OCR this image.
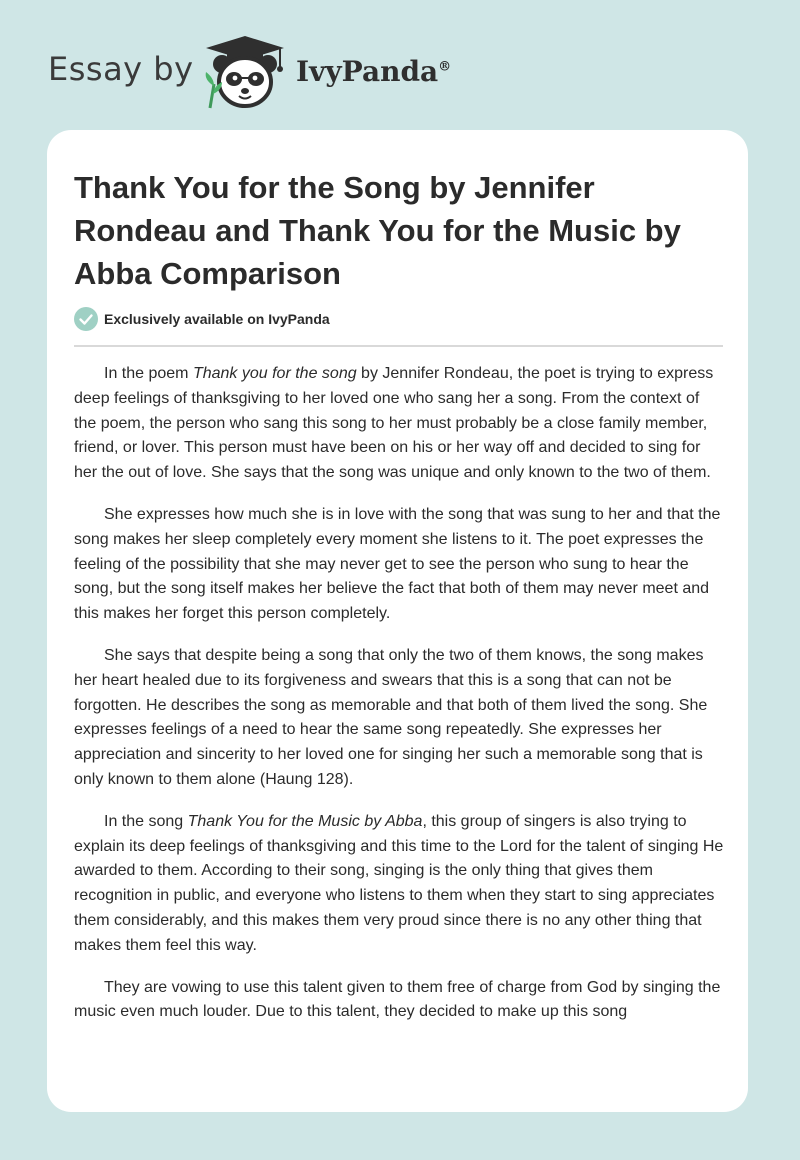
Essay by	IvyPanda®
Thank You for the Song by Jennifer Rondeau and Thank You for the Music by Abba Comparison
Exclusively available on IvyPanda

In the poem Thank you for the song by Jennifer Rondeau, the poet is trying to express deep feelings of thanksgiving to her loved one who sang her a song. From the context of the poem, the person who sang this song to her must probably be a close family member, friend, or lover. This person must have been on his or her way off and decided to sing for her the out of love. She says that the song was unique and only known to the two of them.

She expresses how much she is in love with the song that was sung to her and that the song makes her sleep completely every moment she listens to it. The poet expresses the feeling of the possibility that she may never get to see the person who sung to hear the song, but the song itself makes her believe the fact that both of them may never meet and this makes her forget this person completely.

She says that despite being a song that only the two of them knows, the song makes her heart healed due to its forgiveness and swears that this is a song that can not be forgotten. He describes the song as memorable and that both of them lived the song. She expresses feelings of a need to hear the same song repeatedly. She expresses her appreciation and sincerity to her loved one for singing her such a memorable song that is only known to them alone (Haung 128).

In the song Thank You for the Music by Abba, this group of singers is also trying to explain its deep feelings of thanksgiving and this time to the Lord for the talent of singing He awarded to them. According to their song, singing is the only thing that gives them recognition in public, and everyone who listens to them when they start to sing appreciates them considerably, and this makes them very proud since there is no any other thing that makes them feel this way.

They are vowing to use this talent given to them free of charge from God by singing the music even much louder. Due to this talent, they decided to make up this song
